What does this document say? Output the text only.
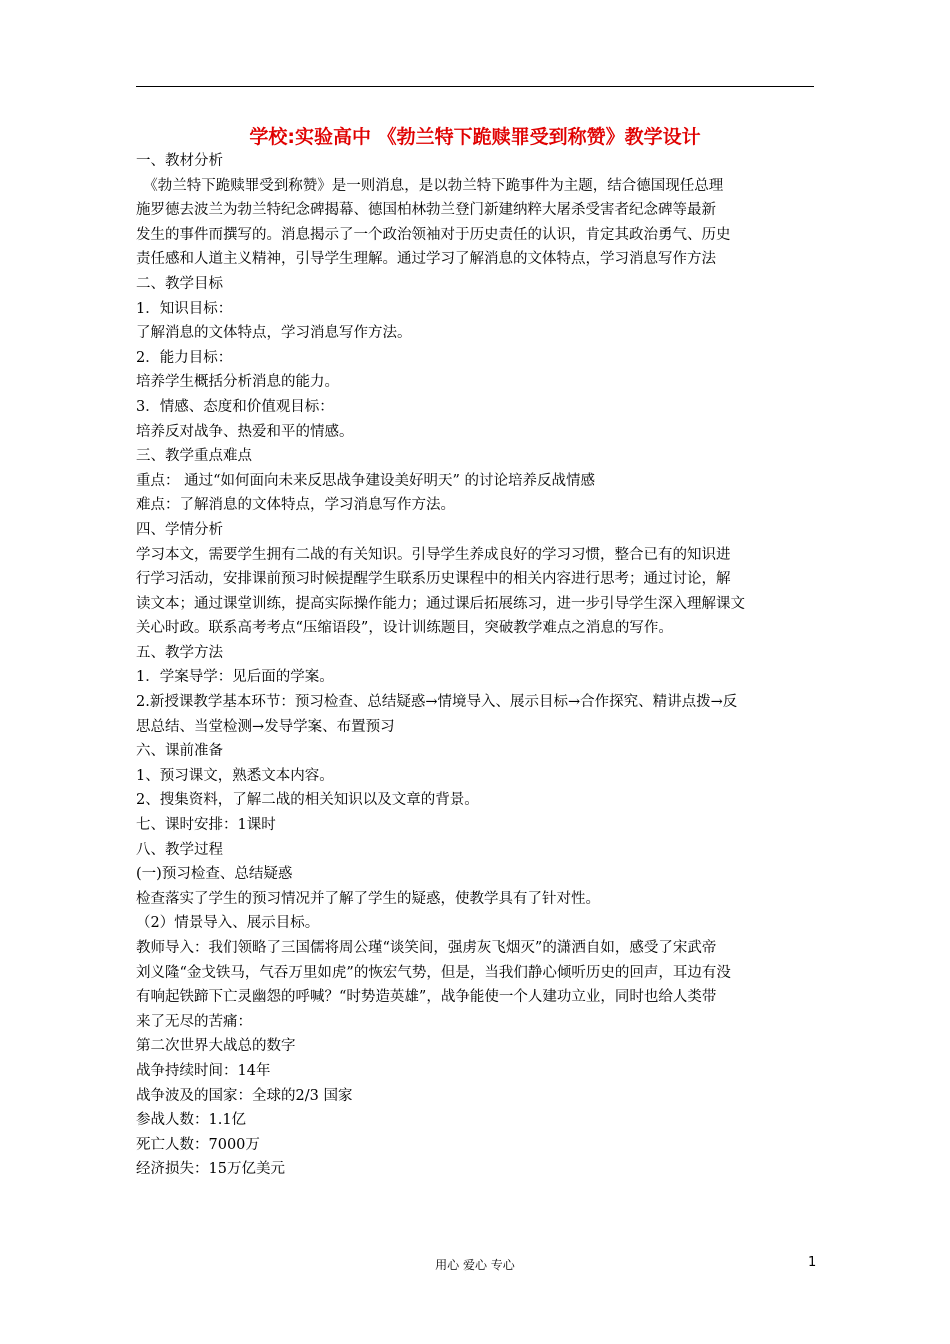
学校:实验高中 《勃兰特下跪赎罪受到称赞》教学设计
一、教材分析
　《勃兰特下跪赎罪受到称赞》是一则消息，是以勃兰特下跪事件为主题，结合德国现任总理
施罗德去波兰为勃兰特纪念碑揭幕、德国柏林勃兰登门新建纳粹大屠杀受害者纪念碑等最新
发生的事件而撰写的。消息揭示了一个政治领袖对于历史责任的认识，肯定其政治勇气、历史
责任感和人道主义精神，引导学生理解。通过学习了解消息的文体特点，学习消息写作方法
二、教学目标
1．知识目标：
了解消息的文体特点，学习消息写作方法。
2．能力目标：
培养学生概括分析消息的能力。
3．情感、态度和价值观目标：
培养反对战争、热爱和平的情感。
三、教学重点难点
重点： 通过“如何面向未来反思战争建设美好明天” 的讨论培养反战情感
难点：了解消息的文体特点，学习消息写作方法。
四、学情分析
学习本文，需要学生拥有二战的有关知识。引导学生养成良好的学习习惯，整合已有的知识进
行学习活动，安排课前预习时候提醒学生联系历史课程中的相关内容进行思考；通过讨论，解
读文本；通过课堂训练，提高实际操作能力；通过课后拓展练习，进一步引导学生深入理解课文
关心时政。联系高考考点“压缩语段”，设计训练题目，突破教学难点之消息的写作。
五、教学方法
1．学案导学：见后面的学案。
2.新授课教学基本环节：预习检查、总结疑惑→情境导入、展示目标→合作探究、精讲点拨→反
思总结、当堂检测→发导学案、布置预习
六、课前准备
1、预习课文，熟悉文本内容。
2、搜集资料，了解二战的相关知识以及文章的背景。
七、课时安排：1课时
八、教学过程
(一)预习检查、总结疑惑
检查落实了学生的预习情况并了解了学生的疑惑，使教学具有了针对性。
（2）情景导入、展示目标。
教师导入：我们领略了三国儒将周公瑾“谈笑间，强虏灰飞烟灭”的潇洒自如，感受了宋武帝
刘义隆“金戈铁马，气吞万里如虎”的恢宏气势，但是，当我们静心倾听历史的回声，耳边有没
有响起铁蹄下亡灵幽怨的呼喊？“时势造英雄”，战争能使一个人建功立业，同时也给人类带
来了无尽的苦痛：
第二次世界大战总的数字
战争持续时间：14年
战争波及的国家：全球的2/3 国家
参战人数：1.1亿
死亡人数：7000万
经济损失：15万亿美元
用心 爱心 专心	1
